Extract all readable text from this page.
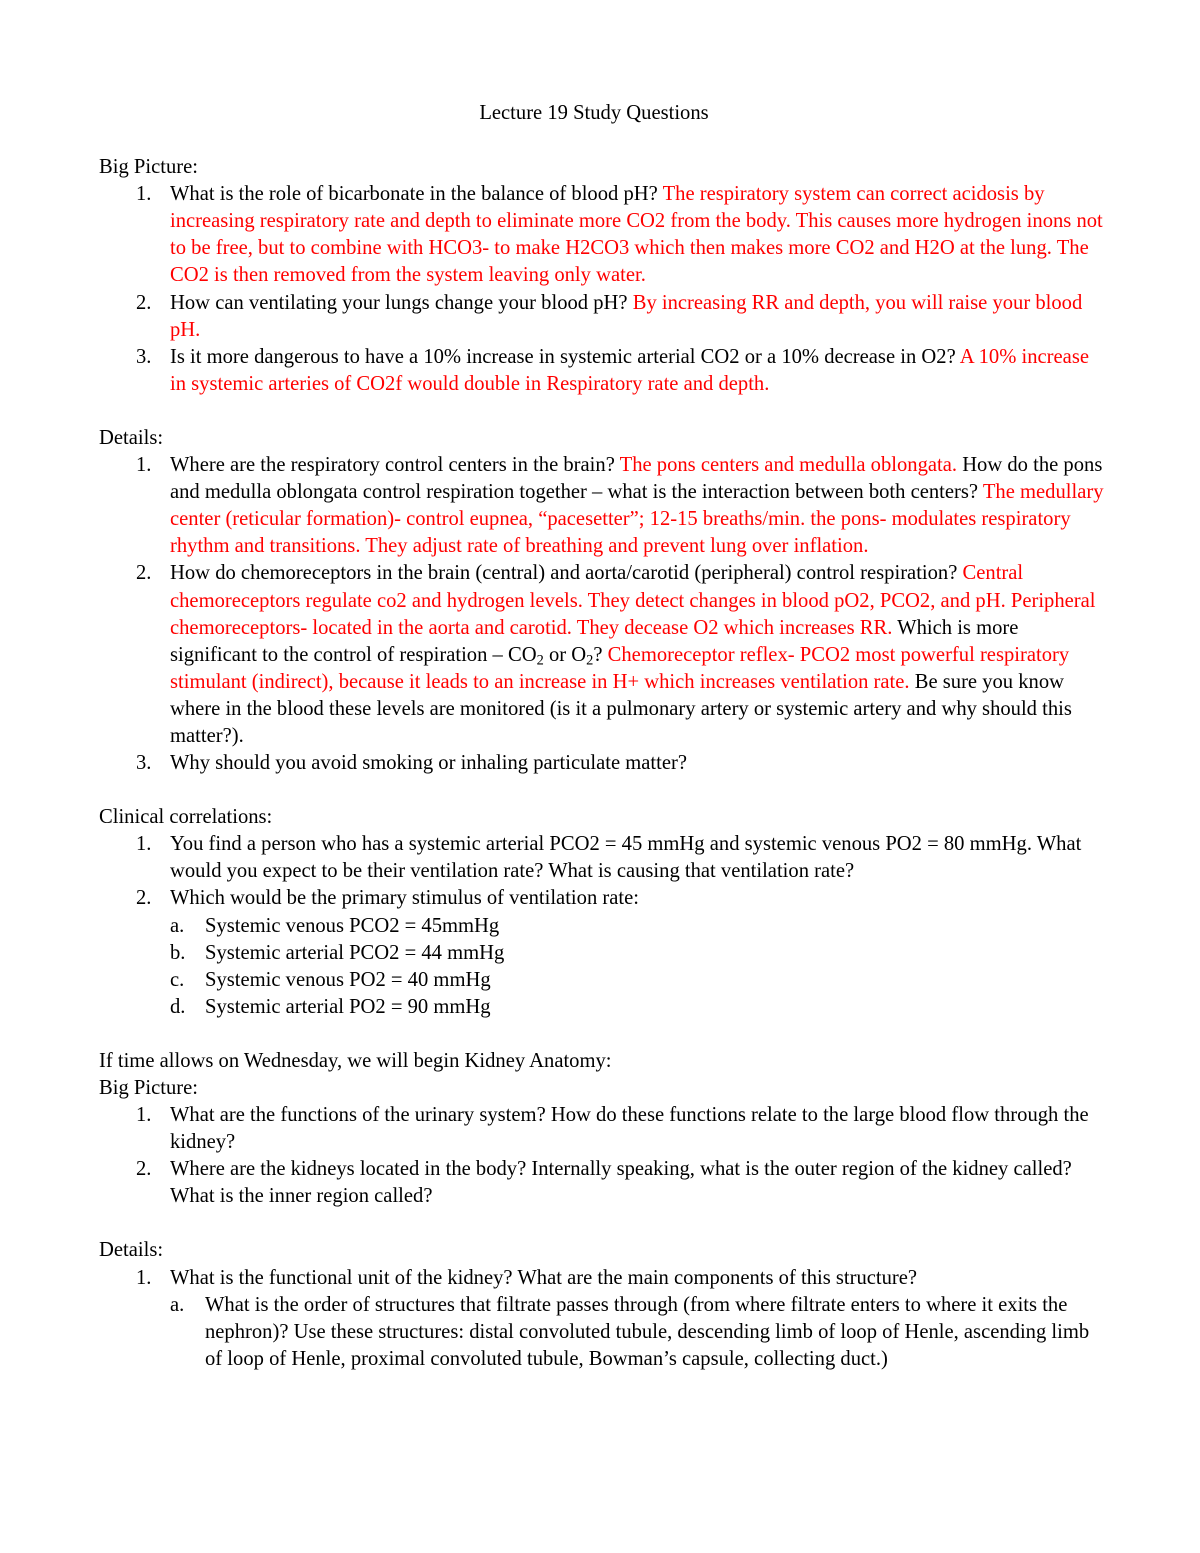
Lecture 19 Study Questions
Big Picture:
1. What is the role of bicarbonate in the balance of blood pH? The respiratory system can correct acidosis by increasing respiratory rate and depth to eliminate more CO2 from the body. This causes more hydrogen inons not to be free, but to combine with HCO3- to make H2CO3 which then makes more CO2 and H2O at the lung. The CO2 is then removed from the system leaving only water.
2. How can ventilating your lungs change your blood pH? By increasing RR and depth, you will raise your blood pH.
3. Is it more dangerous to have a 10% increase in systemic arterial CO2 or a 10% decrease in O2? A 10% increase in systemic arteries of CO2f would double in Respiratory rate and depth.
Details:
1. Where are the respiratory control centers in the brain? The pons centers and medulla oblongata. How do the pons and medulla oblongata control respiration together – what is the interaction between both centers? The medullary center (reticular formation)- control eupnea, “pacesetter”; 12-15 breaths/min. the pons- modulates respiratory rhythm and transitions. They adjust rate of breathing and prevent lung over inflation.
2. How do chemoreceptors in the brain (central) and aorta/carotid (peripheral) control respiration? Central chemoreceptors regulate co2 and hydrogen levels. They detect changes in blood pO2, PCO2, and pH. Peripheral chemoreceptors- located in the aorta and carotid. They decease O2 which increases RR. Which is more significant to the control of respiration – $CO_2$ or $O_2$? Chemoreceptor reflex- PCO2 most powerful respiratory stimulant (indirect), because it leads to an increase in H+ which increases ventilation rate. Be sure you know where in the blood these levels are monitored (is it a pulmonary artery or systemic artery and why should this matter?).
3. Why should you avoid smoking or inhaling particulate matter?
Clinical correlations:
1. You find a person who has a systemic arterial PCO2 = 45 mmHg and systemic venous PO2 = 80 mmHg. What would you expect to be their ventilation rate? What is causing that ventilation rate?
2. Which would be the primary stimulus of ventilation rate:
a. Systemic venous PCO2 = 45mmHg
b. Systemic arterial PCO2 = 44 mmHg
c. Systemic venous PO2 = 40 mmHg
d. Systemic arterial PO2 = 90 mmHg
If time allows on Wednesday, we will begin Kidney Anatomy:
Big Picture:
1. What are the functions of the urinary system? How do these functions relate to the large blood flow through the kidney?
2. Where are the kidneys located in the body? Internally speaking, what is the outer region of the kidney called? What is the inner region called?
Details:
1. What is the functional unit of the kidney? What are the main components of this structure?
a. What is the order of structures that filtrate passes through (from where filtrate enters to where it exits the nephron)? Use these structures: distal convoluted tubule, descending limb of loop of Henle, ascending limb of loop of Henle, proximal convoluted tubule, Bowman’s capsule, collecting duct.)
